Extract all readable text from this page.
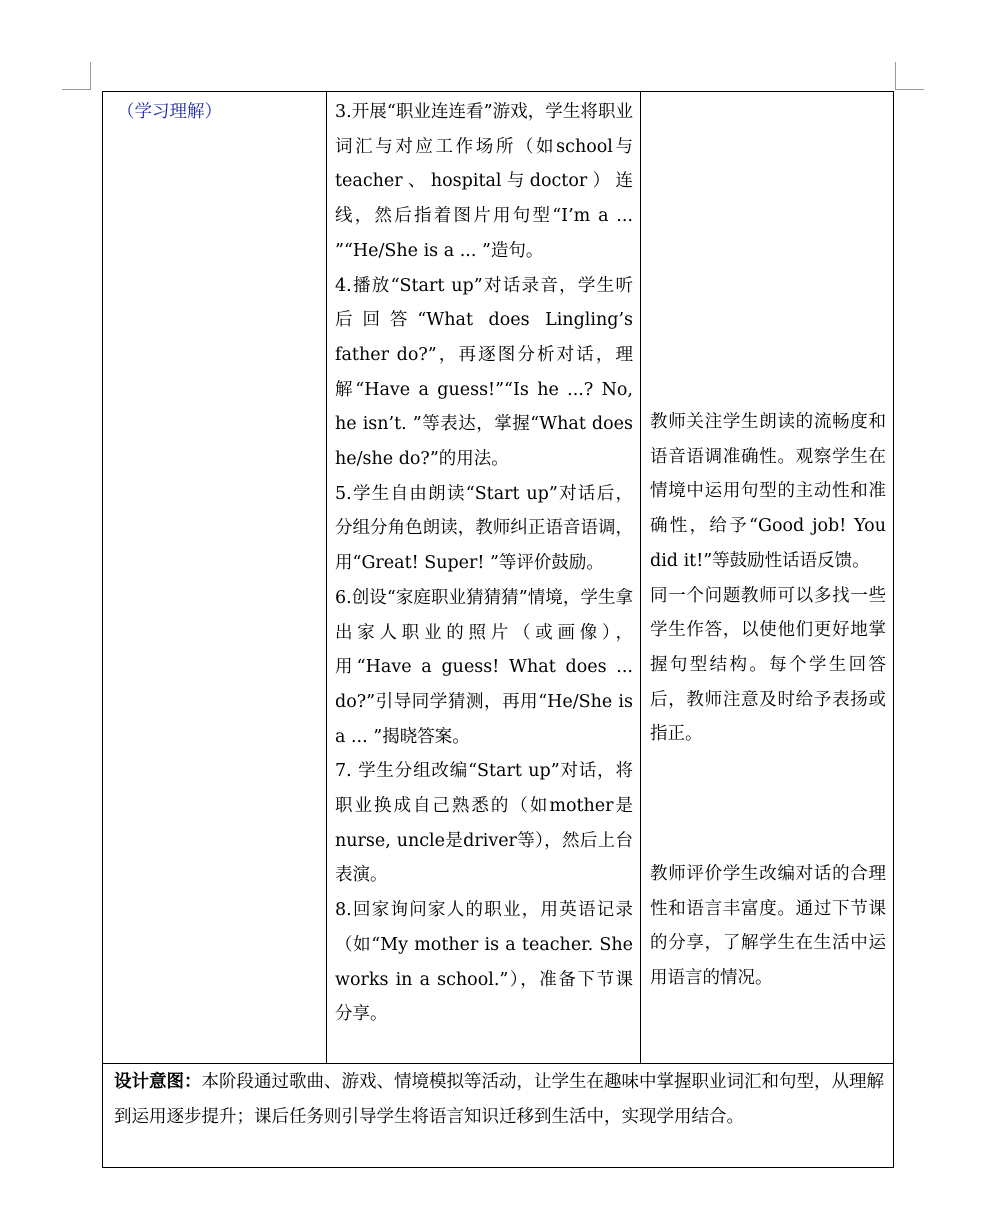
（学习理解）	3.开展“职业连连看”游戏，学生将职业词汇与对应工作场所（如school与teacher、hospital与doctor）连线，然后指着图片用句型“I’m a ... ”“He/She is a ... ”造句。
4.播放“Start up”对话录音，学生听后回答“What does Lingling’s father do?”，再逐图分析对话，理解“Have a guess!”“Is he ...? No, he isn’t. ”等表达，掌握“What does he/she do?”的用法。
5.学生自由朗读“Start up”对话后，分组分角色朗读，教师纠正语音语调，用“Great! Super! ”等评价鼓励。
6.创设“家庭职业猜猜猜”情境，学生拿出家人职业的照片（或画像），用“Have a guess! What does ... do?”引导同学猜测，再用“He/She is a ... ”揭晓答案。
7. 学生分组改编“Start up”对话，将职业换成自己熟悉的（如mother是nurse, uncle是driver等），然后上台表演。
8.回家询问家人的职业，用英语记录（如“My mother is a teacher. She works in a school.”），准备下节课分享。
教师关注学生朗读的流畅度和语音语调准确性。观察学生在情境中运用句型的主动性和准确性，给予“Good job! You did it!”等鼓励性话语反馈。
同一个问题教师可以多找一些学生作答，以使他们更好地掌握句型结构。每个学生回答后，教师注意及时给予表扬或指正。
教师评价学生改编对话的合理性和语言丰富度。通过下节课的分享，了解学生在生活中运用语言的情况。
设计意图：本阶段通过歌曲、游戏、情境模拟等活动，让学生在趣味中掌握职业词汇和句型，从理解到运用逐步提升；课后任务则引导学生将语言知识迁移到生活中，实现学用结合。
